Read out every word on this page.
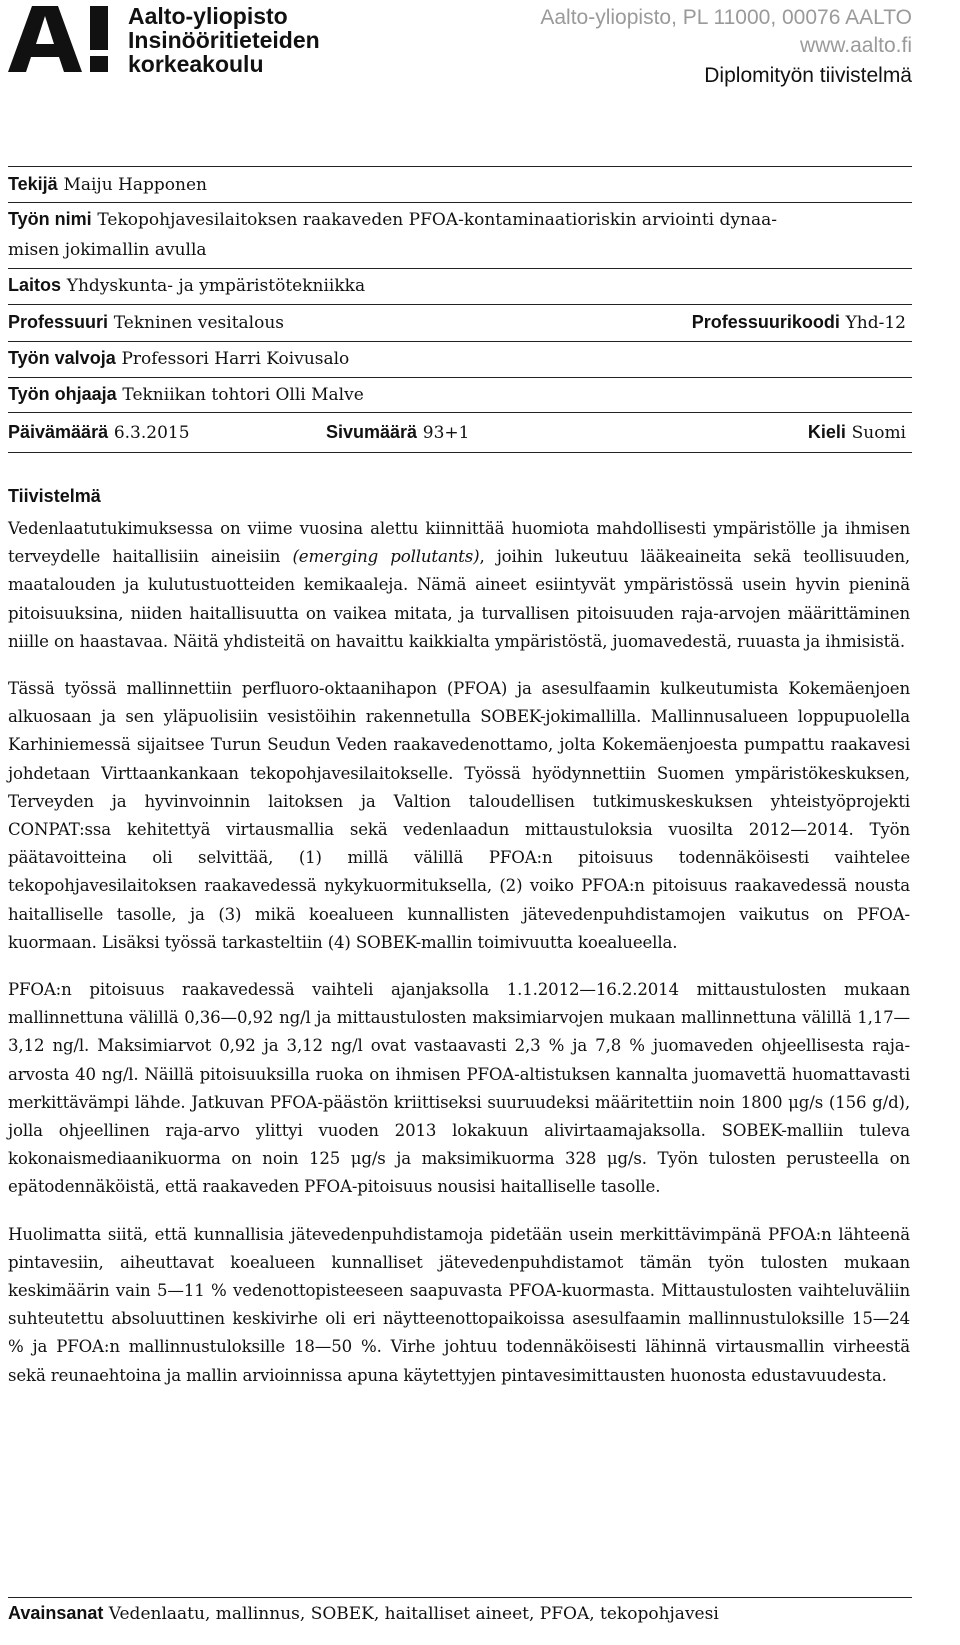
Aalto-yliopisto
Insinööritieteiden
korkeakoulu
Aalto-yliopisto, PL 11000, 00076 AALTO
www.aalto.fi
Diplomityön tiivistelmä
Tekijä Maiju Happonen
Työn nimi Tekopohjavesilaitoksen raakaveden PFOA-kontaminaatioriskin arviointi dynaa-
misen jokimallin avulla
Laitos Yhdyskunta- ja ympäristötekniikka
Professuuri Tekninen vesitalous	Professuurikoodi Yhd-12
Työn valvoja Professori Harri Koivusalo
Työn ohjaaja Tekniikan tohtori Olli Malve
Päivämäärä 6.3.2015	Sivumäärä 93+1	Kieli Suomi
Tiivistelmä

Vedenlaatutukimuksessa on viime vuosina alettu kiinnittää huomiota mahdollisesti ympäristölle ja ihmisen terveydelle haitallisiin aineisiin (emerging pollutants), joihin lukeutuu lääkeaineita sekä teollisuuden, maatalouden ja kulutustuotteiden kemikaaleja. Nämä aineet esiintyvät ympäristössä usein hyvin pieninä pitoisuuksina, niiden haitallisuutta on vaikea mitata, ja turvallisen pitoisuuden raja-arvojen määrittäminen niille on haastavaa. Näitä yhdisteitä on havaittu kaikkialta ympäristöstä, juomavedestä, ruuasta ja ihmisistä.

Tässä työssä mallinnettiin perfluoro-oktaanihapon (PFOA) ja asesulfaamin kulkeutumista Kokemäenjoen alkuosaan ja sen yläpuolisiin vesistöihin rakennetulla SOBEK-jokimallilla. Mallinnusalueen loppupuolella Karhiniemessä sijaitsee Turun Seudun Veden raakavedenottamo, jolta Kokemäenjoesta pumpattu raakavesi johdetaan Virttaankankaan tekopohjavesilaitokselle. Työssä hyödynnettiin Suomen ympäristökeskuksen, Terveyden ja hyvinvoinnin laitoksen ja Valtion taloudellisen tutkimuskeskuksen yhteistyöprojekti CONPAT:ssa kehitettyä virtausmallia sekä vedenlaadun mittaustuloksia vuosilta 2012—2014. Työn päätavoitteina oli selvittää, (1) millä välillä PFOA:n pitoisuus todennäköisesti vaihtelee tekopohjavesilaitoksen raakavedessä nykykuormituksella, (2) voiko PFOA:n pitoisuus raakavedessä nousta haitalliselle tasolle, ja (3) mikä koealueen kunnallisten jätevedenpuhdistamojen vaikutus on PFOA-kuormaan. Lisäksi työssä tarkasteltiin (4) SOBEK-mallin toimivuutta koealueella.

PFOA:n pitoisuus raakavedessä vaihteli ajanjaksolla 1.1.2012—16.2.2014 mittaustulosten mukaan mallinnettuna välillä 0,36—0,92 ng/l ja mittaustulosten maksimiarvojen mukaan mallinnettuna välillä 1,17—3,12 ng/l. Maksimiarvot 0,92 ja 3,12 ng/l ovat vastaavasti 2,3 % ja 7,8 % juomaveden ohjeellisesta raja-arvosta 40 ng/l. Näillä pitoisuuksilla ruoka on ihmisen PFOA-altistuksen kannalta juomavettä huomattavasti merkittävämpi lähde. Jatkuvan PFOA-päästön kriittiseksi suuruudeksi määritettiin noin 1800 μg/s (156 g/d), jolla ohjeellinen raja-arvo ylittyi vuoden 2013 lokakuun alivirtaamajaksolla. SOBEK-malliin tuleva kokonaismediaanikuorma on noin 125 μg/s ja maksimikuorma 328 μg/s. Työn tulosten perusteella on epätodennäköistä, että raakaveden PFOA-pitoisuus nousisi haitalliselle tasolle.

Huolimatta siitä, että kunnallisia jätevedenpuhdistamoja pidetään usein merkittävimpänä PFOA:n lähteenä pintavesiin, aiheuttavat koealueen kunnalliset jätevedenpuhdistamot tämän työn tulosten mukaan keskimäärin vain 5—11 % vedenottopisteeseen saapuvasta PFOA-kuormasta. Mittaustulosten vaihteluväliin suhteutettu absoluuttinen keskivirhe oli eri näytteenottopaikoissa asesulfaamin mallinnustuloksille 15—24 % ja PFOA:n mallinnustuloksille 18—50 %. Virhe johtuu todennäköisesti lähinnä virtausmallin virheestä sekä reunaehtoina ja mallin arvioinnissa apuna käytettyjen pintavesimittausten huonosta edustavuudesta.

Avainsanat Vedenlaatu, mallinnus, SOBEK, haitalliset aineet, PFOA, tekopohjavesi
